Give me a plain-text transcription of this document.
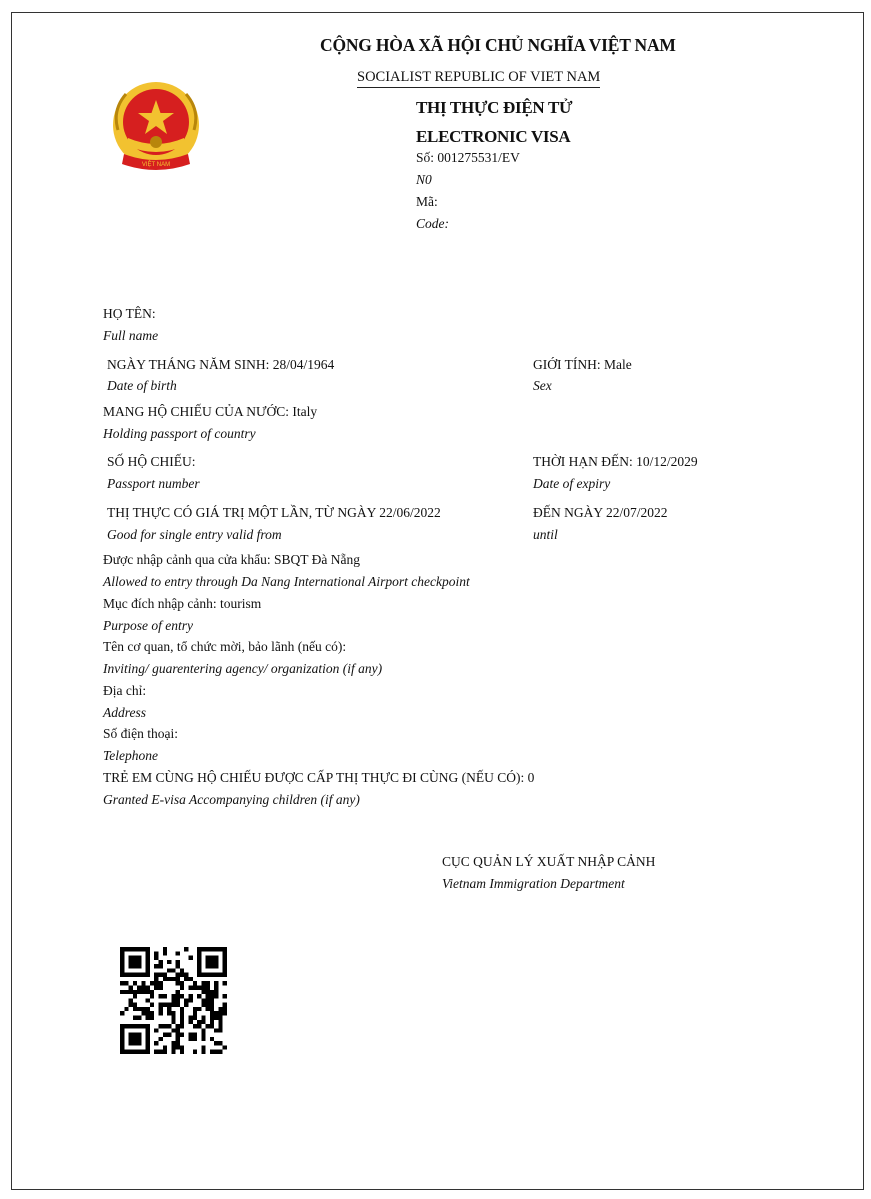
VIỆT NAM
CỘNG HÒA XÃ HỘI CHỦ NGHĨA VIỆT NAM
SOCIALIST REPUBLIC OF VIET NAM
THỊ THỰC ĐIỆN TỬ
ELECTRONIC VISA
Số: 001275531/EV
N0
Mã:
Code:
HỌ TÊN:
Full name
NGÀY THÁNG NĂM SINH: 28/04/1964
Date of birth
GIỚI TÍNH: Male
Sex
MANG HỘ CHIẾU CỦA NƯỚC: Italy
Holding passport of country
SỐ HỘ CHIẾU:
Passport number
THỜI HẠN ĐẾN: 10/12/2029
Date of expiry
THỊ THỰC CÓ GIÁ TRỊ MỘT LẦN, TỪ NGÀY 22/06/2022
Good for single entry valid from
ĐẾN NGÀY 22/07/2022
until
Được nhập cảnh qua cửa khẩu: SBQT Đà Nẵng
Allowed to entry through Da Nang International Airport checkpoint
Mục đích nhập cảnh: tourism
Purpose of entry
Tên cơ quan, tổ chức mời, bảo lãnh (nếu có):
Inviting/ guarentering agency/ organization (if any)
Địa chỉ:
Address
Số điện thoại:
Telephone
TRẺ EM CÙNG HỘ CHIẾU ĐƯỢC CẤP THỊ THỰC ĐI CÙNG (NẾU CÓ): 0
Granted E-visa Accompanying children (if any)
CỤC QUẢN LÝ XUẤT NHẬP CẢNH
Vietnam Immigration Department
